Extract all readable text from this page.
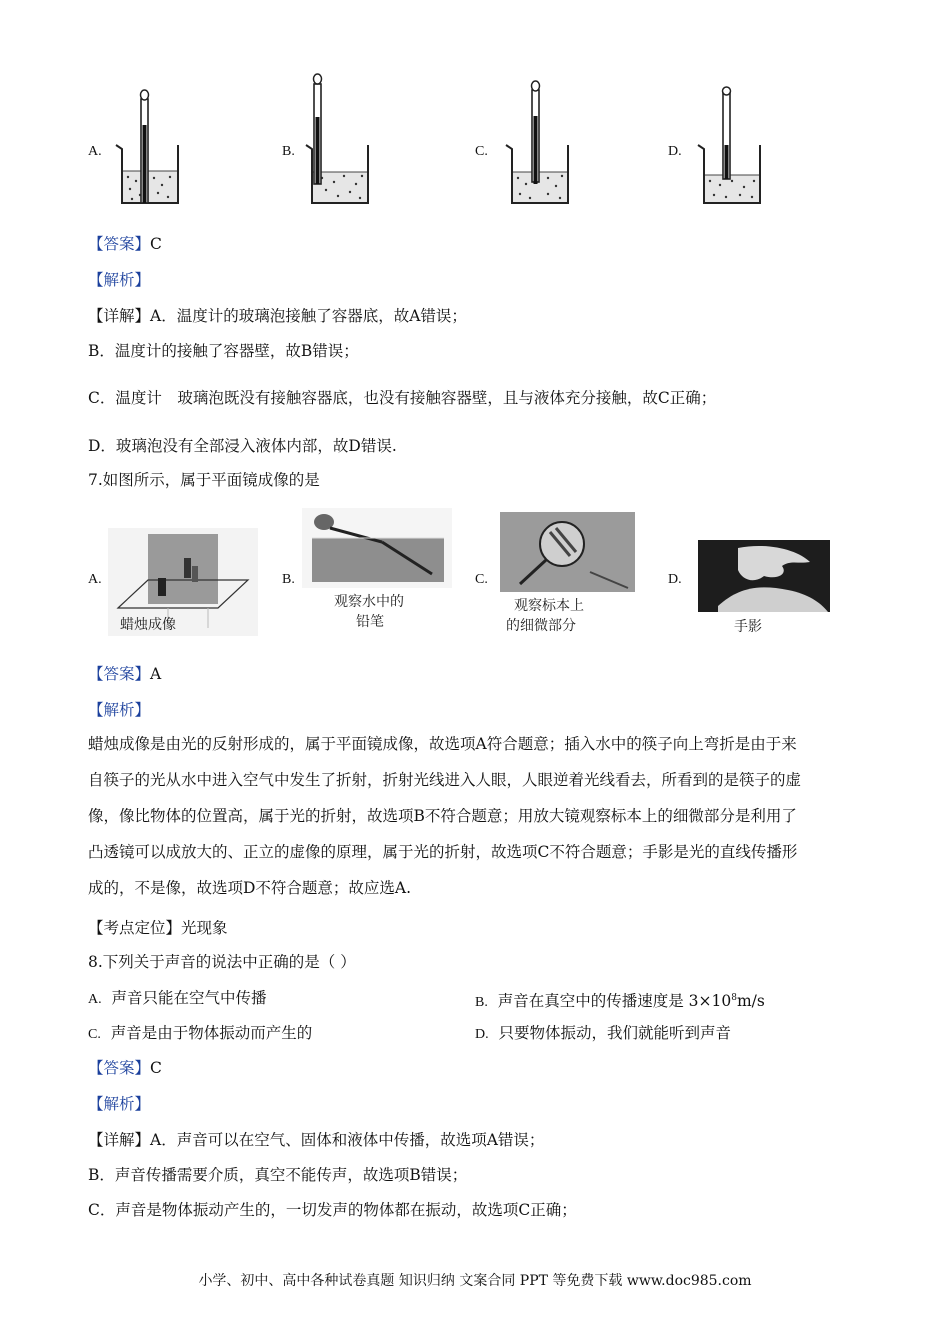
A.	B.	C.	D.
【答案】C
【解析】
【详解】A．温度计的玻璃泡接触了容器底，故A错误；
B．温度计的接触了容器壁，故B错误；
C．温度计　玻璃泡既没有接触容器底，也没有接触容器壁，且与液体充分接触，故C正确；
D．玻璃泡没有全部浸入液体内部，故D错误.
7.如图所示，属于平面镜成像的是
A.
蜡烛成像
B.
观察水中的
铅笔
C.
观察标本上
的细微部分
D.
手影
【答案】A
【解析】
蜡烛成像是由光的反射形成的，属于平面镜成像，故选项A符合题意；插入水中的筷子向上弯折是由于来
自筷子的光从水中进入空气中发生了折射，折射光线进入人眼，人眼逆着光线看去，所看到的是筷子的虚
像，像比物体的位置高，属于光的折射，故选项B不符合题意；用放大镜观察标本上的细微部分是利用了
凸透镜可以成放大的、正立的虚像的原理，属于光的折射，故选项C不符合题意；手影是光的直线传播形
成的，不是像，故选项D不符合题意；故应选A.
【考点定位】光现象
8.下列关于声音的说法中正确的是（ ）
A. 声音只能在空气中传播	B. 声音在真空中的传播速度是 $3\times 10^8m/s$
C. 声音是由于物体振动而产生的	D. 只要物体振动，我们就能听到声音
【答案】C
【解析】
【详解】A．声音可以在空气、固体和液体中传播，故选项A错误；
B．声音传播需要介质，真空不能传声，故选项B错误；
C．声音是物体振动产生的，一切发声的物体都在振动，故选项C正确；
小学、初中、高中各种试卷真题 知识归纳 文案合同 PPT 等免费下载 www.doc985.com
